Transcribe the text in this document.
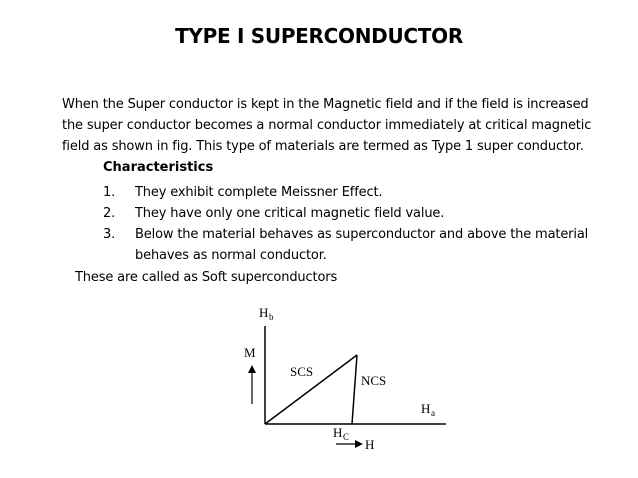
TYPE I SUPERCONDUCTOR
When the Super conductor is kept in the Magnetic field and if the field is increased
the super conductor becomes a normal conductor immediately at critical magnetic
field as shown in fig. This type of materials are termed as Type 1 super conductor.
Characteristics
1.	They exhibit complete Meissner Effect.
2.	They have only one critical magnetic field value.
3.	Below the material behaves as superconductor and above the material
behaves as normal conductor.
These are called as Soft superconductors
H b
M
SCS
NCS
H a
H C H
